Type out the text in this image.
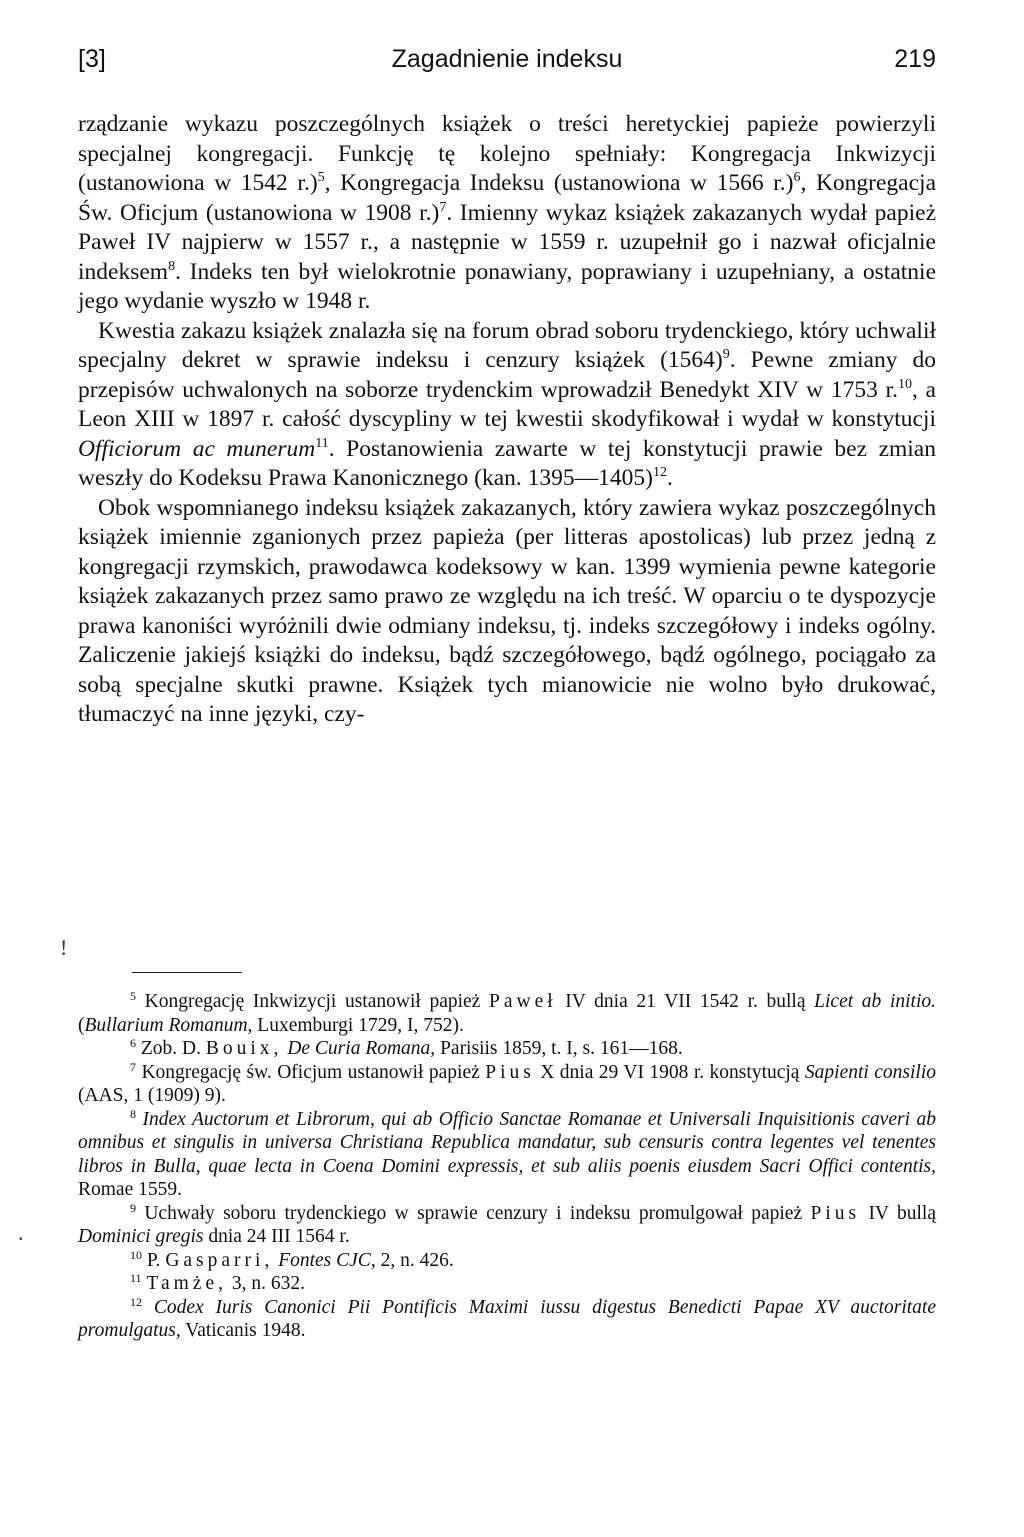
[3]	Zagadnienie indeksu	219

rządzanie wykazu poszczególnych książek o treści heretyckiej papieże powierzyli specjalnej kongregacji. Funkcję tę kolejno spełniały: Kongregacja Inkwizycji (ustanowiona w 1542 r.)$^5$, Kongregacja Indeksu (ustanowiona w 1566 r.)$^6$, Kongregacja Św. Oficjum (ustanowiona w 1908 r.)$^7$. Imienny wykaz książek zakazanych wydał papież Paweł IV najpierw w 1557 r., a następnie w 1559 r. uzupełnił go i nazwał oficjalnie indeksem$^8$. Indeks ten był wielokrotnie ponawiany, poprawiany i uzupełniany, a ostatnie jego wydanie wyszło w 1948 r.

Kwestia zakazu książek znalazła się na forum obrad soboru trydenckiego, który uchwalił specjalny dekret w sprawie indeksu i cenzury książek $(1564)^9$. Pewne zmiany do przepisów uchwalonych na soborze trydenckim wprowadził Benedykt XIV w 1753 r.$^{10}$, a Leon XIII w 1897 r. całość dyscypliny w tej kwestii skodyfikował i wydał w konstytucji Officiorum ac munerum$^{11}$. Postanowienia zawarte w tej konstytucji prawie bez zmian weszły do Kodeksu Prawa Kanonicznego (kan. 1395—1405)$^{12}$.

Obok wspomnianego indeksu książek zakazanych, który zawiera wykaz poszczególnych książek imiennie zganionych przez papieża (per litteras apostolicas) lub przez jedną z kongregacji rzymskich, prawodawca kodeksowy w kan. 1399 wymienia pewne kategorie książek zakazanych przez samo prawo ze względu na ich treść. W oparciu o te dyspozycje prawa kanoniści wyróżnili dwie odmiany indeksu, tj. indeks szczegółowy i indeks ogólny. Zaliczenie jakiejś książki do indeksu, bądź szczegółowego, bądź ogólnego, pociągało za sobą specjalne skutki prawne. Książek tych mianowicie nie wolno było drukować, tłumaczyć na inne języki, czy-

!
.

$^5$ Kongregację Inkwizycji ustanowił papież Paweł IV dnia 21 VII 1542 r. bullą Licet ab initio. (Bullarium Romanum, Luxemburgi 1729, I, 752).

$^6$ Zob. D. Bouix, De Curia Romana, Parisiis 1859, t. I, s. 161—168.

$^7$ Kongregację św. Oficjum ustanowił papież Pius X dnia 29 VI 1908 r. konstytucją Sapienti consilio (AAS, 1 (1909) 9).

$^8$ Index Auctorum et Librorum, qui ab Officio Sanctae Romanae et Universali Inquisitionis caveri ab omnibus et singulis in universa Christiana Republica mandatur, sub censuris contra legentes vel tenentes libros in Bulla, quae lecta in Coena Domini expressis, et sub aliis poenis eiusdem Sacri Offici contentis, Romae 1559.

$^9$ Uchwały soboru trydenckiego w sprawie cenzury i indeksu promulgował papież Pius IV bullą Dominici gregis dnia 24 III 1564 r.

$^{10}$ P. Gasparri, Fontes CJC, 2, n. 426.

$^{11}$ Tamże, 3, n. 632.

$^{12}$ Codex Iuris Canonici Pii Pontificis Maximi iussu digestus Benedicti Papae XV auctoritate promulgatus, Vaticanis 1948.
